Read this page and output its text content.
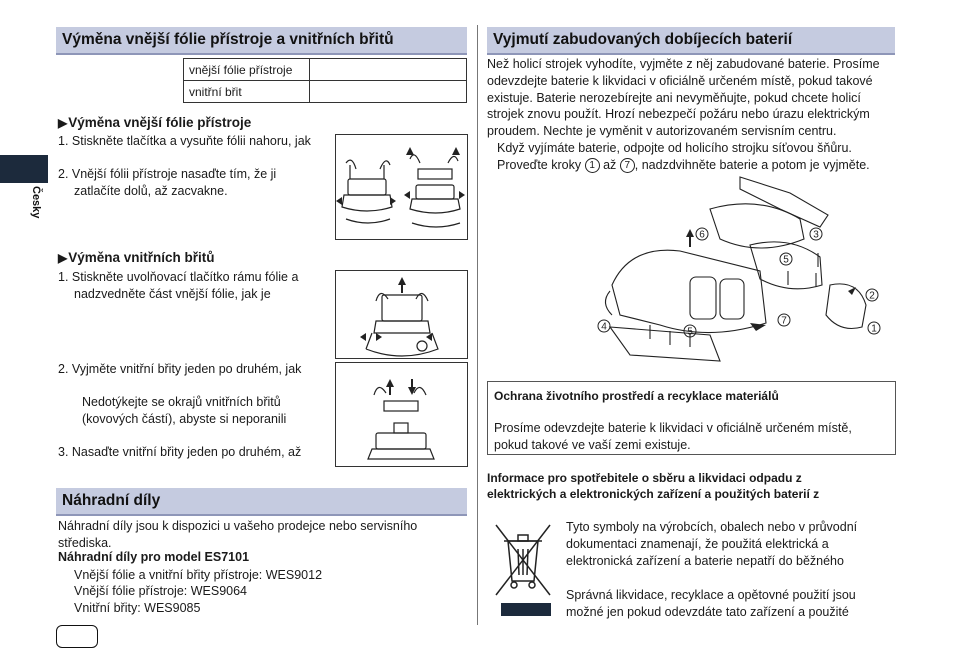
Česky
Výměna vnější fólie přístroje a vnitřních břitů
vnější fólie přístroje	
vnitřní břit	
▶Výměna vnější fólie přístroje
1. Stiskněte tlačítka a vysuňte fólii nahoru, jak
2. Vnější fólii přístroje nasaďte tím, že ji
zatlačíte dolů, až zacvakne.
▶Výměna vnitřních břitů
1. Stiskněte uvolňovací tlačítko rámu fólie a
nadzvedněte část vnější fólie, jak je
2. Vyjměte vnitřní břity jeden po druhém, jak
Nedotýkejte se okrajů vnitřních břitů
(kovových částí), abyste si neporanili
3. Nasaďte vnitřní břity jeden po druhém, až
Náhradní díly
Náhradní díly jsou k dispozici u vašeho prodejce nebo servisního
střediska.
Náhradní díly pro model ES7101
Vnější fólie a vnitřní břity přístroje: WES9012
Vnější fólie přístroje: WES9064
Vnitřní břity: WES9085
Vyjmutí zabudovaných dobíjecích baterií
Než holicí strojek vyhodíte, vyjměte z něj zabudované baterie. Prosíme
odevzdejte baterie k likvidaci v oficiálně určeném místě, pokud takové
existuje. Baterie nerozebírejte ani nevyměňujte, pokud chcete holicí
strojek znovu použít. Hrozí nebezpečí požáru nebo úrazu elektrickým
proudem. Nechte je vyměnit v autorizovaném servisním centru.
Když vyjímáte baterie, odpojte od holicího strojku síťovou šňůru.
Proveďte kroky 1 až 7 , nadzdvihněte baterie a potom je vyjměte.
6	3
5
2
1
4	5
7
Ochrana životního prostředí a recyklace materiálů
Prosíme odevzdejte baterie k likvidaci v oficiálně určeném místě,
pokud takové ve vaší zemi existuje.
Informace pro spotřebitele o sběru a likvidaci odpadu z
elektrických a elektronických zařízení a použitých baterií z
Tyto symboly na výrobcích, obalech nebo v průvodní
dokumentaci znamenají, že použitá elektrická a
elektronická zařízení a baterie nepatří do běžného
Správná likvidace, recyklace a opětovné použití jsou
možné jen pokud odevzdáte tato zařízení a použité
